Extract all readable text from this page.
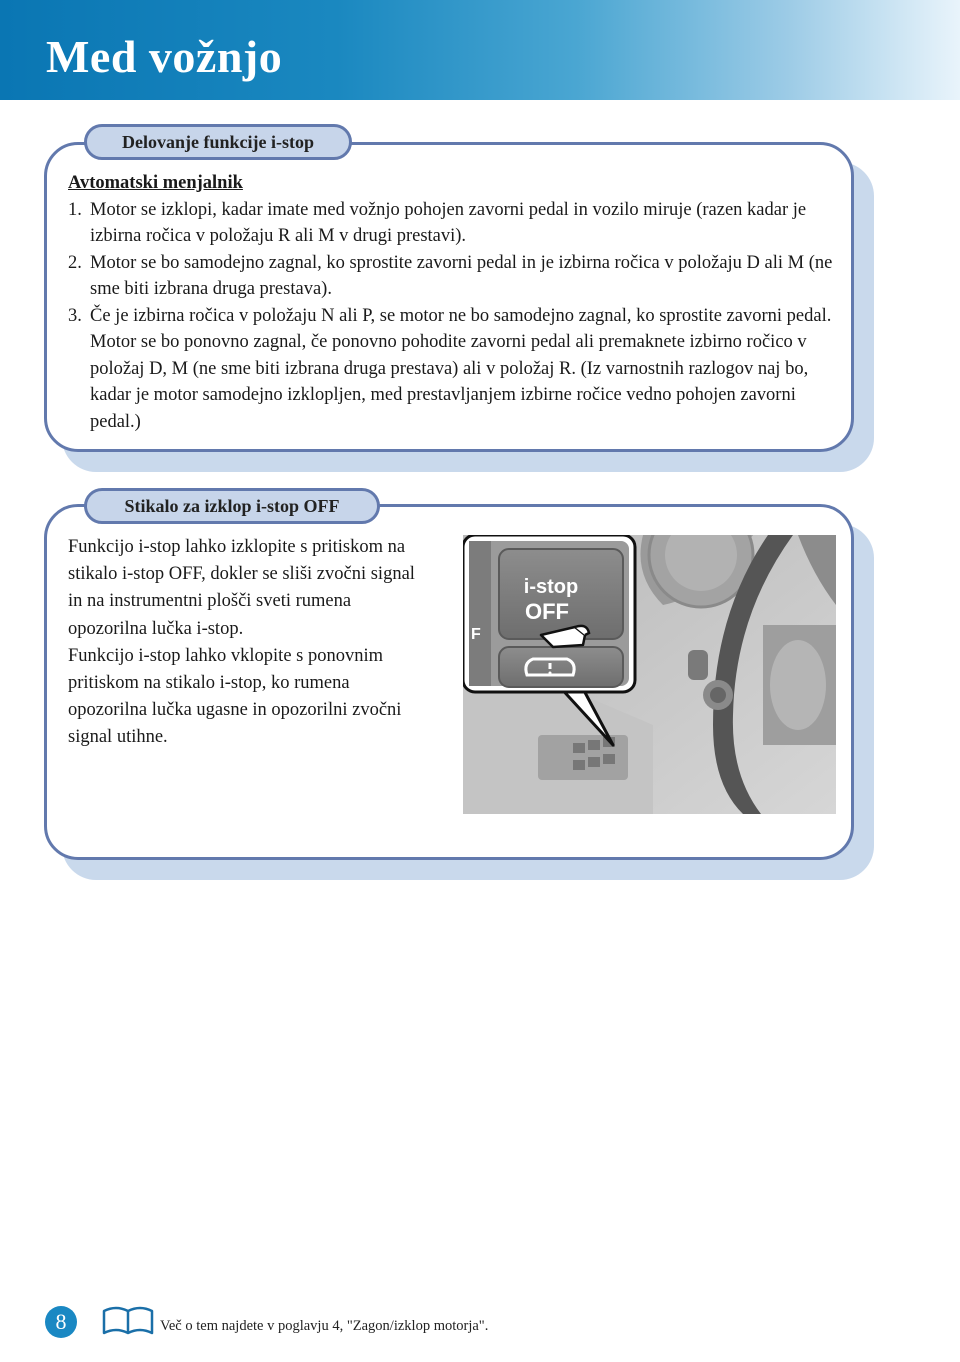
Med vožnjo
Delovanje funkcije i-stop
Avtomatski menjalnik
1. Motor se izklopi, kadar imate med vožnjo pohojen zavorni pedal in vozilo miruje (razen kadar je izbirna ročica v položaju R ali M v drugi prestavi).
2. Motor se bo samodejno zagnal, ko sprostite zavorni pedal in je izbirna ročica v položaju D ali M (ne sme biti izbrana druga prestava).
3. Če je izbirna ročica v položaju N ali P, se motor ne bo samodejno zagnal, ko sprostite zavorni pedal. Motor se bo ponovno zagnal, če ponovno pohodite zavorni pedal ali premaknete izbirno ročico v položaj D, M (ne sme biti izbrana druga prestava) ali v položaj R. (Iz varnostnih razlogov naj bo, kadar je motor samodejno izklopljen, med prestavljanjem izbirne ročice vedno pohojen zavorni pedal.)
Stikalo za izklop i-stop OFF

Funkcijo i-stop lahko izklopite s pritiskom na stikalo i-stop OFF, dokler se sliši zvočni signal in na instrumentni plošči sveti rumena opozorilna lučka i-stop.

Funkcijo i-stop lahko vklopite s ponovnim pritiskom na stikalo i-stop, ko rumena opozorilna lučka ugasne in opozorilni zvočni signal utihne.

i-stop
OFF
F
8	Več o tem najdete v poglavju 4, "Zagon/izklop motorja".
